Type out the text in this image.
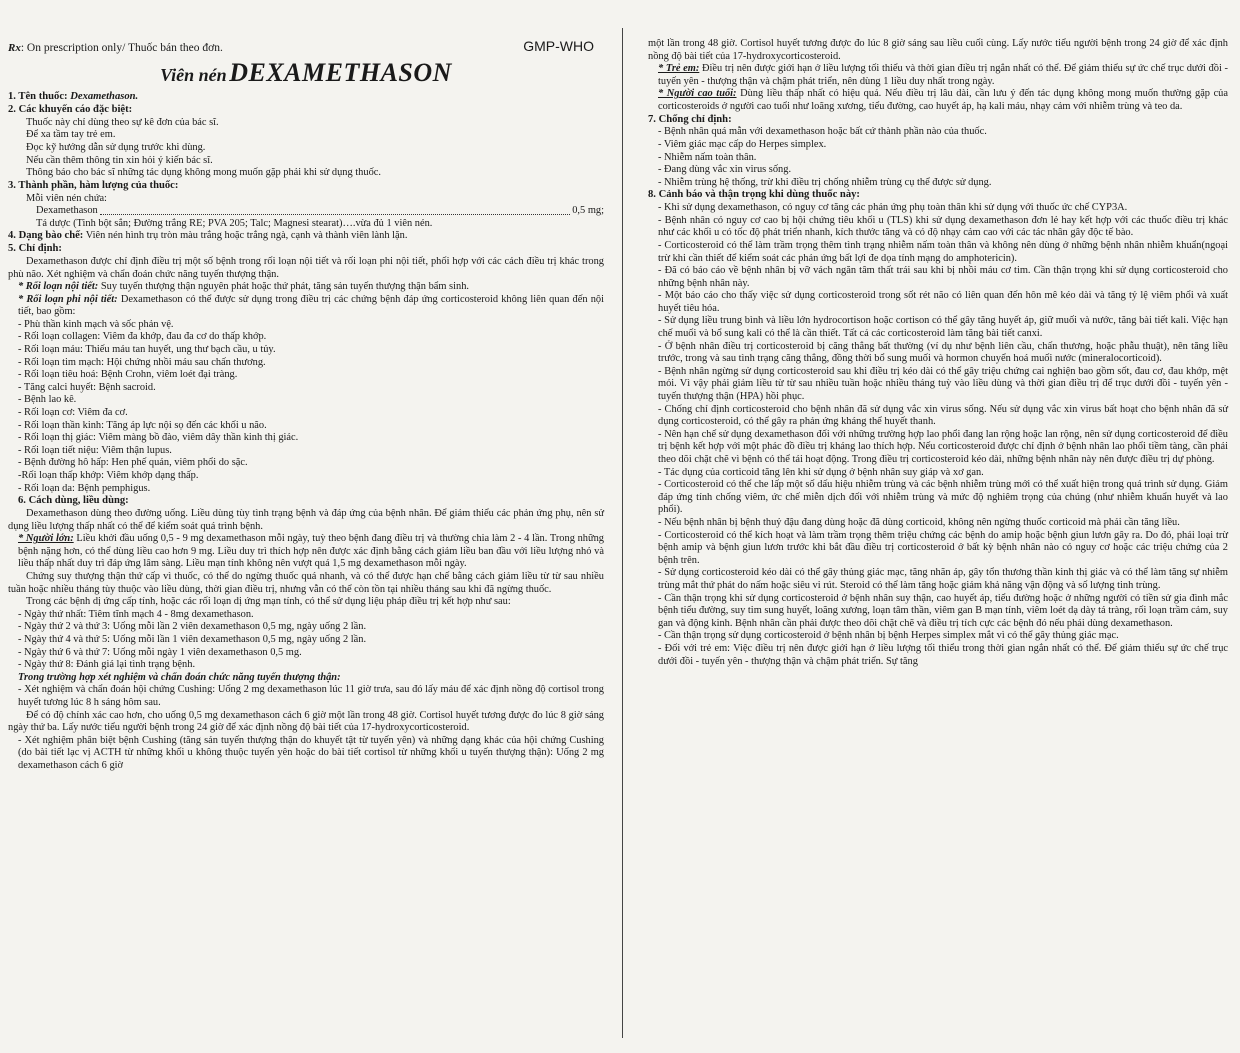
Rx: On prescription only/ Thuốc bán theo đơn.	GMP-WHO
Viên nén DEXAMETHASON

1. Tên thuốc: Dexamethason.

2. Các khuyến cáo đặc biệt:

Thuốc này chỉ dùng theo sự kê đơn của bác sĩ.
Để xa tầm tay trẻ em.
Đọc kỹ hướng dẫn sử dụng trước khi dùng.
Nếu cần thêm thông tin xin hỏi ý kiến bác sĩ.
Thông báo cho bác sĩ những tác dụng không mong muốn gặp phải khi sử dụng thuốc.

3. Thành phần, hàm lượng của thuốc:

Mỗi viên nén chứa:
Dexamethason	0,5 mg;
Tá dược (Tinh bột sắn; Đường trắng RE; PVA 205; Talc; Magnesi stearat)….vừa đủ 1 viên nén.

4. Dạng bào chế: Viên nén hình trụ tròn màu trắng hoặc trắng ngà, cạnh và thành viên lành lặn.

5. Chỉ định:

Dexamethason được chỉ định điều trị một số bệnh trong rối loạn nội tiết và rối loạn phi nội tiết, phối hợp với các cách điều trị khác trong phù não. Xét nghiệm và chẩn đoán chức năng tuyến thượng thận.

* Rối loạn nội tiết: Suy tuyến thượng thận nguyên phát hoặc thứ phát, tăng sản tuyến thượng thận bẩm sinh.

* Rối loạn phi nội tiết: Dexamethason có thể được sử dụng trong điều trị các chứng bệnh đáp ứng corticosteroid không liên quan đến nội tiết, bao gồm:

- Phù thần kinh mạch và sốc phản vệ.
- Rối loạn collagen: Viêm đa khớp, đau đa cơ do thấp khớp.
- Rối loạn máu: Thiếu máu tan huyết, ung thư bạch cầu, u tủy.
- Rối loạn tim mạch: Hội chứng nhồi máu sau chấn thương.
- Rối loạn tiêu hoá: Bệnh Crohn, viêm loét đại tràng.
- Tăng calci huyết: Bệnh sacroid.
- Bệnh lao kê.
- Rối loạn cơ: Viêm đa cơ.
- Rối loạn thần kinh: Tăng áp lực nội sọ đến các khối u não.
- Rối loạn thị giác: Viêm màng bồ đào, viêm dây thần kinh thị giác.
- Rối loạn tiết niệu: Viêm thận lupus.
- Bệnh đường hô hấp: Hen phế quản, viêm phổi do sặc.
-Rối loạn thấp khớp: Viêm khớp dạng thấp.
- Rối loạn da: Bệnh pemphigus.

6. Cách dùng, liều dùng:

Dexamethason dùng theo đường uống. Liều dùng tùy tình trạng bệnh và đáp ứng của bệnh nhân. Để giảm thiểu các phản ứng phụ, nên sử dụng liều lượng thấp nhất có thể để kiểm soát quá trình bệnh.

* Người lớn: Liều khởi đầu uống 0,5 - 9 mg dexamethason mỗi ngày, tuỳ theo bệnh đang điều trị và thường chia làm 2 - 4 lần. Trong những bệnh nặng hơn, có thể dùng liều cao hơn 9 mg. Liều duy trì thích hợp nên được xác định bằng cách giảm liều ban đầu với liều lượng nhỏ và liều thấp nhất duy trì đáp ứng lâm sàng. Liều mạn tính không nên vượt quá 1,5 mg dexamethason mỗi ngày.

Chứng suy thượng thận thứ cấp vì thuốc, có thể do ngừng thuốc quá nhanh, và có thể được hạn chế bằng cách giảm liều từ từ sau nhiều tuần hoặc nhiều tháng tùy thuộc vào liều dùng, thời gian điều trị, nhưng vẫn có thể còn tồn tại nhiều tháng sau khi đã ngừng thuốc.

Trong các bệnh dị ứng cấp tính, hoặc các rối loạn dị ứng mạn tính, có thể sử dụng liệu pháp điều trị kết hợp như sau:

- Ngày thứ nhất: Tiêm tĩnh mạch 4 - 8mg dexamethason.
- Ngày thứ 2 và thứ 3: Uống mỗi lần 2 viên dexamethason 0,5 mg, ngày uống 2 lần.
- Ngày thứ 4 và thứ 5: Uống mỗi lần 1 viên dexamethason 0,5 mg, ngày uống 2 lần.
- Ngày thứ 6 và thứ 7: Uống mỗi ngày 1 viên dexamethason 0,5 mg.
- Ngày thứ 8: Đánh giá lại tình trạng bệnh.

Trong trường hợp xét nghiệm và chẩn đoán chức năng tuyến thượng thận:

- Xét nghiệm và chẩn đoán hội chứng Cushing: Uống 2 mg dexamethason lúc 11 giờ trưa, sau đó lấy máu để xác định nồng độ cortisol trong huyết tương lúc 8 h sáng hôm sau.

Để có độ chính xác cao hơn, cho uống 0,5 mg dexamethason cách 6 giờ một lần trong 48 giờ. Cortisol huyết tương được đo lúc 8 giờ sáng ngày thứ ba. Lấy nước tiểu người bệnh trong 24 giờ để xác định nồng độ bài tiết của 17-hydroxycorticosteroid.

- Xét nghiệm phân biệt bệnh Cushing (tăng sản tuyến thượng thận do khuyết tật từ tuyến yên) và những dạng khác của hội chứng Cushing (do bài tiết lạc vị ACTH từ những khối u không thuộc tuyến yên hoặc do bài tiết cortisol từ những khối u tuyến thượng thận): Uống 2 mg dexamethason cách 6 giờ

một lần trong 48 giờ. Cortisol huyết tương được đo lúc 8 giờ sáng sau liều cuối cùng. Lấy nước tiểu người bệnh trong 24 giờ để xác định nồng độ bài tiết của 17-hydroxycorticosteroid.

* Trẻ em: Điều trị nên được giới hạn ở liều lượng tối thiểu và thời gian điều trị ngắn nhất có thể. Để giảm thiểu sự ức chế trục dưới đồi - tuyến yên - thượng thận và chậm phát triển, nên dùng 1 liều duy nhất trong ngày.

* Người cao tuổi: Dùng liều thấp nhất có hiệu quả. Nếu điều trị lâu dài, cần lưu ý đến tác dụng không mong muốn thường gặp của corticosteroids ở người cao tuổi như loãng xương, tiểu đường, cao huyết áp, hạ kali máu, nhạy cảm với nhiễm trùng và teo da.

7. Chống chỉ định:

- Bệnh nhân quá mẫn với dexamethason hoặc bất cứ thành phần nào của thuốc.
- Viêm giác mạc cấp do Herpes simplex.
- Nhiễm nấm toàn thân.
- Đang dùng vắc xin virus sống.
- Nhiễm trùng hệ thống, trừ khi điều trị chống nhiễm trùng cụ thể được sử dụng.

8. Cảnh báo và thận trọng khi dùng thuốc này:

- Khi sử dụng dexamethason, có nguy cơ tăng các phản ứng phụ toàn thân khi sử dụng với thuốc ức chế CYP3A.

- Bệnh nhân có nguy cơ cao bị hội chứng tiêu khối u (TLS) khi sử dụng dexamethason đơn lẻ hay kết hợp với các thuốc điều trị khác như các khối u có tốc độ phát triển nhanh, kích thước tăng và có độ nhạy cảm cao với các tác nhân gây độc tế bào.

- Corticosteroid có thể làm trầm trọng thêm tình trạng nhiễm nấm toàn thân và không nên dùng ở những bệnh nhân nhiễm khuẩn(ngoại trừ khi cần thiết để kiểm soát các phản ứng bất lợi đe dọa tính mạng do amphotericin).

- Đã có báo cáo về bệnh nhân bị vỡ vách ngăn tâm thất trái sau khi bị nhồi máu cơ tim. Cần thận trọng khi sử dụng corticosteroid cho những bệnh nhân này.

- Một báo cáo cho thấy việc sử dụng corticosteroid trong sốt rét não có liên quan đến hôn mê kéo dài và tăng tỷ lệ viêm phổi và xuất huyết tiêu hóa.

- Sử dụng liều trung bình và liều lớn hydrocortison hoặc cortison có thể gây tăng huyết áp, giữ muối và nước, tăng bài tiết kali. Việc hạn chế muối và bổ sung kali có thể là cần thiết. Tất cả các corticosteroid làm tăng bài tiết canxi.

- Ở bệnh nhân điều trị corticosteroid bị căng thẳng bất thường (ví dụ như bệnh liên cầu, chấn thương, hoặc phẫu thuật), nên tăng liều trước, trong và sau tình trạng căng thẳng, đồng thời bổ sung muối và hormon chuyển hoá muối nước (mineralocorticoid).

- Bệnh nhân ngừng sử dụng corticosteroid sau khi điều trị kéo dài có thể gây triệu chứng cai nghiện bao gồm sốt, đau cơ, đau khớp, mệt mỏi. Vì vậy phải giảm liều từ từ sau nhiều tuần hoặc nhiều tháng tuỳ vào liều dùng và thời gian điều trị để trục dưới đồi - tuyến yên - tuyến thượng thận (HPA) hồi phục.

- Chống chỉ định corticosteroid cho bệnh nhân đã sử dụng vắc xin virus sống. Nếu sử dụng vắc xin virus bất hoạt cho bệnh nhân đã sử dụng corticosteroid, có thể gây ra phản ứng kháng thể huyết thanh.

- Nên hạn chế sử dụng dexamethason đối với những trường hợp lao phổi đang lan rộng hoặc lan rộng, nên sử dụng corticosteroid để điều trị bệnh kết hợp với một phác đồ điều trị kháng lao thích hợp. Nếu corticosteroid được chỉ định ở bệnh nhân lao phổi tiềm tàng, cần phải theo dõi chặt chẽ vì bệnh có thể tái hoạt động. Trong điều trị corticosteroid kéo dài, những bệnh nhân này nên được điều trị dự phòng.

- Tác dụng của corticoid tăng lên khi sử dụng ở bệnh nhân suy giáp và xơ gan.

- Corticosteroid có thể che lấp một số dấu hiệu nhiễm trùng và các bệnh nhiễm trùng mới có thể xuất hiện trong quá trình sử dụng. Giảm đáp ứng tính chống viêm, ức chế miễn dịch đối với nhiễm trùng và mức độ nghiêm trọng của chúng (như nhiễm khuẩn huyết và lao phổi).

- Nếu bệnh nhân bị bệnh thuỷ đậu đang dùng hoặc đã dùng corticoid, không nên ngừng thuốc corticoid mà phải cần tăng liều.

- Corticosteroid có thể kích hoạt và làm trầm trọng thêm triệu chứng các bệnh do amip hoặc bệnh giun lươn gây ra. Do đó, phải loại trừ bệnh amip và bệnh giun lươn trước khi bắt đầu điều trị corticosteroid ở bất kỳ bệnh nhân nào có nguy cơ hoặc các triệu chứng của 2 bệnh trên.

- Sử dụng corticosteroid kéo dài có thể gây thủng giác mạc, tăng nhãn áp, gây tổn thương thần kinh thị giác và có thể làm tăng sự nhiễm trùng mắt thứ phát do nấm hoặc siêu vi rút. Steroid có thể làm tăng hoặc giảm khả năng vận động và số lượng tinh trùng.

- Cần thận trọng khi sử dụng corticosteroid ở bệnh nhân suy thận, cao huyết áp, tiểu đường hoặc ở những người có tiền sử gia đình mắc bệnh tiểu đường, suy tim sung huyết, loãng xương, loạn tâm thần, viêm gan B mạn tính, viêm loét dạ dày tá tràng, rối loạn trầm cảm, suy gan và động kinh. Bệnh nhân cần phải được theo dõi chặt chẽ và điều trị tích cực các bệnh đó nếu phải dùng dexamethason.

- Cần thận trọng sử dụng corticosteroid ở bệnh nhân bị bệnh Herpes simplex mắt vì có thể gây thủng giác mạc.

- Đối với trẻ em: Việc điều trị nên được giới hạn ở liều lượng tối thiểu trong thời gian ngắn nhất có thể. Để giảm thiểu sự ức chế trục dưới đồi - tuyến yên - thượng thận và chậm phát triển. Sự tăng
